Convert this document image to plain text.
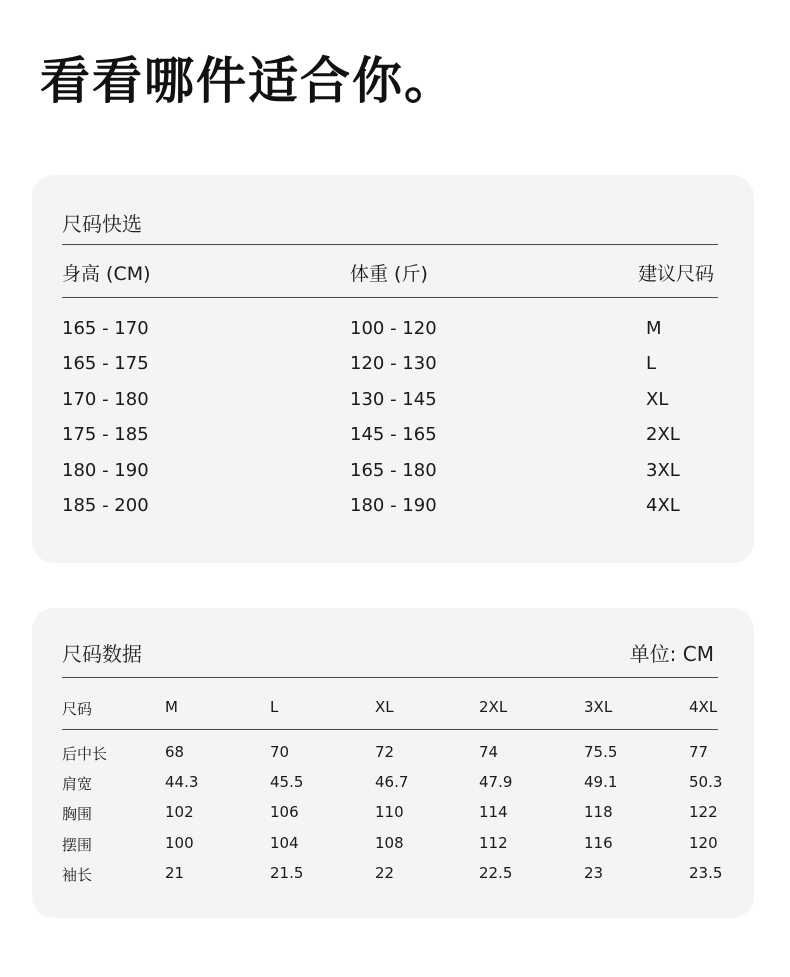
看看哪件适合你。
尺码快选
身高 (CM)	体重 (斤)	建议尺码
165 - 170	100 - 120	M
165 - 175	120 - 130	L
170 - 180	130 - 145	XL
175 - 185	145 - 165	2XL
180 - 190	165 - 180	3XL
185 - 200	180 - 190	4XL
尺码数据	单位: CM
尺码	M	L	XL	2XL	3XL	4XL
后中长	68	70	72	74	75.5	77
肩宽	44.3	45.5	46.7	47.9	49.1	50.3
胸围	102	106	110	114	118	122
摆围	100	104	108	112	116	120
袖长	21	21.5	22	22.5	23	23.5
